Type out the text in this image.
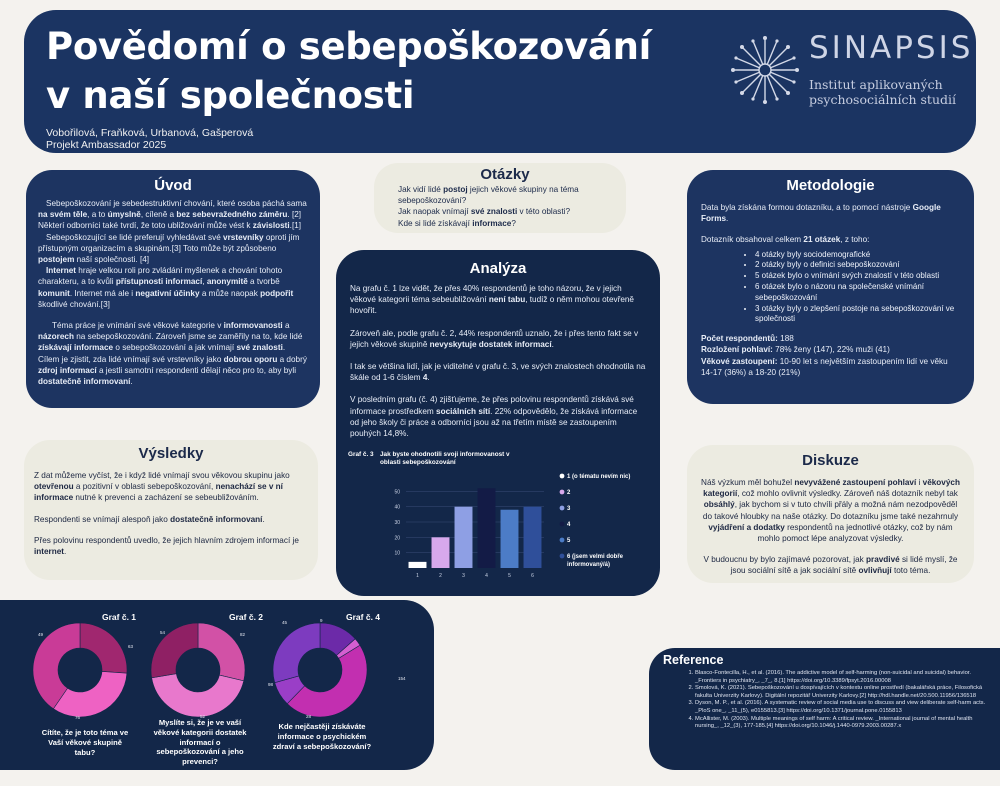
Povědomí o sebepoškozování
v naší společnosti
Vobořilová, Fraňková, Urbanová, Gašperová
Projekt Ambassador 2025
SINAPSIS
Institut aplikovaných
psychosociálních studií
Úvod

Sebepoškozování je sebedestruktivní chování, které osoba páchá sama na svém těle, a to úmyslně, cíleně a bez sebevražedného záměru. [2] Některí odborníci také tvrdí, že toto ubližování může vést k závislosti.[1]

Sebepoškozující se lidé preferují vyhledávat své vrstevníky oproti jím přístupným organizacím a skupinám.[3] Toto může být způsobeno postojem naší společnosti. [4]

Internet hraje velkou roli pro zvládání myšlenek a chování tohoto charakteru, a to kvůli přístupnosti informací, anonymitě a tvorbě komunit. Internet má ale i negativní účinky a může naopak podpořit škodlivé chování.[3]

Téma práce je vnímání své věkové kategorie v informovanosti a názorech na sebepoškozování. Zároveň jsme se zaměřily na to, kde lidé získávají informace o sebepoškozování a jak vnímají své znalosti. Cílem je zjistit, zda lidé vnímají své vrstevníky jako dobrou oporu a dobrý zdroj informací a jestli samotní respondenti dělají něco pro to, aby byli dostatečně informovaní.

Otázky
Jak vidí lidé postoj jejich věkové skupiny na téma sebepoškozování?
Jak naopak vnímají své znalosti v této oblasti?
Kde si lidé získávají informace?
Analýza

Na grafu č. 1 lze vidět, že přes 40% respondentů je toho názoru, že v jejich věkové kategorii téma sebeubližování není tabu, tudíž o něm mohou otevřeně hovořit.

Zároveň ale, podle grafu č. 2, 44% respondentů uznalo, že i přes tento fakt se v jejich věkové skupině nevyskytuje dostatek informací.

I tak se většina lidí, jak je viditelné v grafu č. 3, ve svých znalostech ohodnotila na škále od 1-6 číslem 4.

V posledním grafu (č. 4) zjišťujeme, že přes polovinu respondentů získává své informace prostředkem sociálních sítí. 22% odpovědělo, že získává informace od jeho školy či práce a odborníci jsou až na třetím místě se zastoupením pouhých 14,8%.

Graf č. 3 Jak byste ohodnotili svoji informovanost v
oblasti sebepoškozování
10
20
30
40
50
1	2	3	4	5	6
1 (o tématu nevím nic)
2
3
4
5
6 (jsem velmi dobře
informovaný/á)
Metodologie

Data byla získána formou dotazníku, a to pomocí nástroje Google Forms.

Dotazník obsahoval celkem 21 otázek, z toho:

• 4 otázky byly sociodemografické
• 2 otázky byly o definici sebepoškozování
• 5 otázek bylo o vnímání svých znalostí v této oblasti
• 6 otázek bylo o názoru na společenské vnímání sebepoškozování
• 3 otázky byly o zlepšení postoje na sebepoškozování ve společnosti

Počet respondentů: 188
Rozložení pohlaví: 78% ženy (147), 22% muži (41)
Věkové zastoupení: 10-90 let s největším zastoupením lidí ve věku 14-17 (36%) a 18-20 (21%)

Výsledky

Z dat můžeme vyčíst, že i když lidé vnímají svou věkovou skupinu jako otevřenou a pozitivní v oblasti sebepoškozování, nenachází se v ní informace nutné k prevenci a zacházení se sebeubližováním.

Respondenti se vnímají alespoň jako dostatečně informovaní.

Přes polovinu respondentů uvedlo, že jejich hlavním zdrojem informací je internet.

Diskuze

Náš výzkum měl bohužel nevyvážené zastoupení pohlaví i věkových kategorií, což mohlo ovlivnit výsledky. Zároveň náš dotazník nebyl tak obsáhlý, jak bychom si v tuto chvíli přály a možná nám nezodpověděl do takové hloubky na naše otázky. Do dotazníku jsme také nezahrnuly vyjádření a dodatky respondentů na jednotlivé otázky, což by nám mohlo pomoct lépe analyzovat výsledky.

V budoucnu by bylo zajímavé pozorovat, jak pravdivé si lidé myslí, že jsou sociální sítě a jak sociální sítě ovlivňují toto téma.

Graf č. 1	Graf č. 2	Graf č. 4
49
63
76
54	82
52
45	9
154
28
98
Cítíte, že je toto téma ve Vaší věkové skupině tabu?
Myslíte si, že je ve vaší věkové kategorii dostatek informací o sebepoškozování a jeho prevenci?
Kde nejčastěji získáváte informace o psychickém zdraví a sebepoškozování?
Reference
1. Blasco-Fontecilla, H., et al. (2016). The addictive model of self-harming (non-suicidal and suicidal) behavior. _Frontiers in psychiatry_, _7_, 8.[1] https://doi.org/10.3389/fpsyt.2016.00008
2. Smolová, K. (2021). Sebepoškozování u dospívajících v kontextu online prostředí (bakalářská práce, Filosofická fakulta Univerzity Karlovy). Digitální repozitář Univerzity Karlovy.[2] http://hdl.handle.net/20.500.11956/136518
3. Dyson, M. P., et al. (2016). A systematic review of social media use to discuss and view deliberate self-harm acts. _PloS one_, _11_(5), e0155813.[3] https://doi.org/10.1371/journal.pone.0155813
4. McAllister, M. (2003). Multiple meanings of self harm: A critical review. _International journal of mental health nursing_, _12_(3), 177-185.[4] https://doi.org/10.1046/j.1440-0979.2003.00287.x
